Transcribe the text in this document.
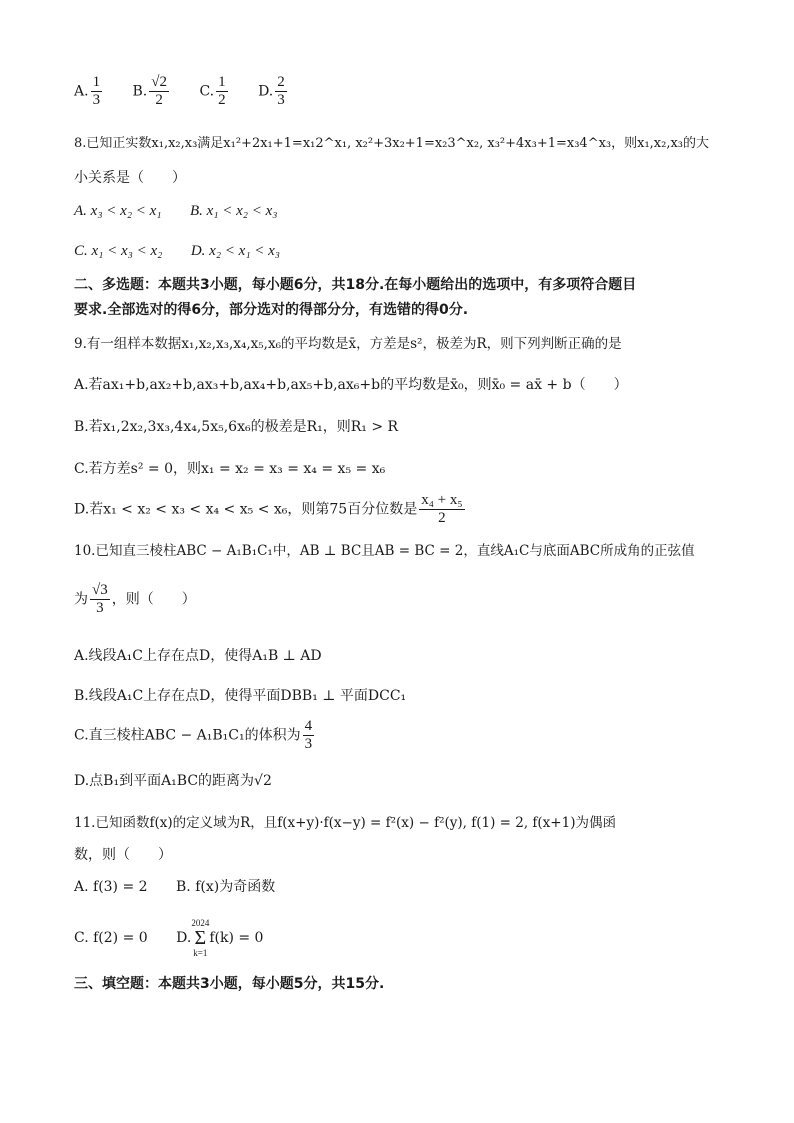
A. $\frac{1}{3} B$. $\frac{√2}{2} C$. $\frac{1}{2} D$. $\frac{2}{3}$
8.已知正实数x₁,x₂,x₃满足x₁²+2x₁+1=x₁2^x₁, x₂²+3x₂+1=x₂3^x₂, x₃²+4x₃+1=x₃4^x₃，则x₁,x₂,x₃的大
小关系是（　　）
A. x₃ < x₂ < x₁ B. x₁ < x₂ < x₃
C. x₁ < x₃ < x₂ D. x₂ < x₁ < x₃
二、多选题：本题共3小题，每小题6分，共18分.在每小题给出的选项中，有多项符合题目
要求.全部选对的得6分，部分选对的得部分分，有选错的得0分.
9.有一组样本数据x₁,x₂,x₃,x₄,x₅,x₆的平均数是x̄，方差是s²，极差为R，则下列判断正确的是
A.若ax₁+b,ax₂+b,ax₃+b,ax₄+b,ax₅+b,ax₆+b的平均数是x̄₀，则x̄₀ = ax̄ + b（　　）
B.若x₁,2x₂,3x₃,4x₄,5x₅,6x₆的极差是R₁，则R₁ > R
C.若方差s² = 0，则x₁ = x₂ = x₃ = x₄ = x₅ = x₆
D.若x₁ < x₂ < x₃ < x₄ < x₅ < x₆，则第75百分位数是 $\frac{\text{x₄ + x₅}}{2}$
10.已知直三棱柱ABC − A₁B₁C₁中，AB ⊥ BC且AB = BC = 2，直线A₁C与底面ABC所成角的正弦值
为 $\frac{√3}{3}$ ，则（　　）
A.线段A₁C上存在点D，使得A₁B ⊥ AD
B.线段A₁C上存在点D，使得平面DBB₁ ⊥ 平面DCC₁
C.直三棱柱ABC − A₁B₁C₁的体积为 $\frac{4}{3}$
D.点B₁到平面A₁BC的距离为√2
11.已知函数f(x)的定义域为R，且f(x+y)·f(x−y) = f²(x) − f²(y), f(1) = 2, f(x+1)为偶函
数，则（　　）
A. f(3) = 2 B. f(x)为奇函数
C. f(2) = 0 D.2024
Σ
k=1f(k) = 0
三、填空题：本题共3小题，每小题5分，共15分.
